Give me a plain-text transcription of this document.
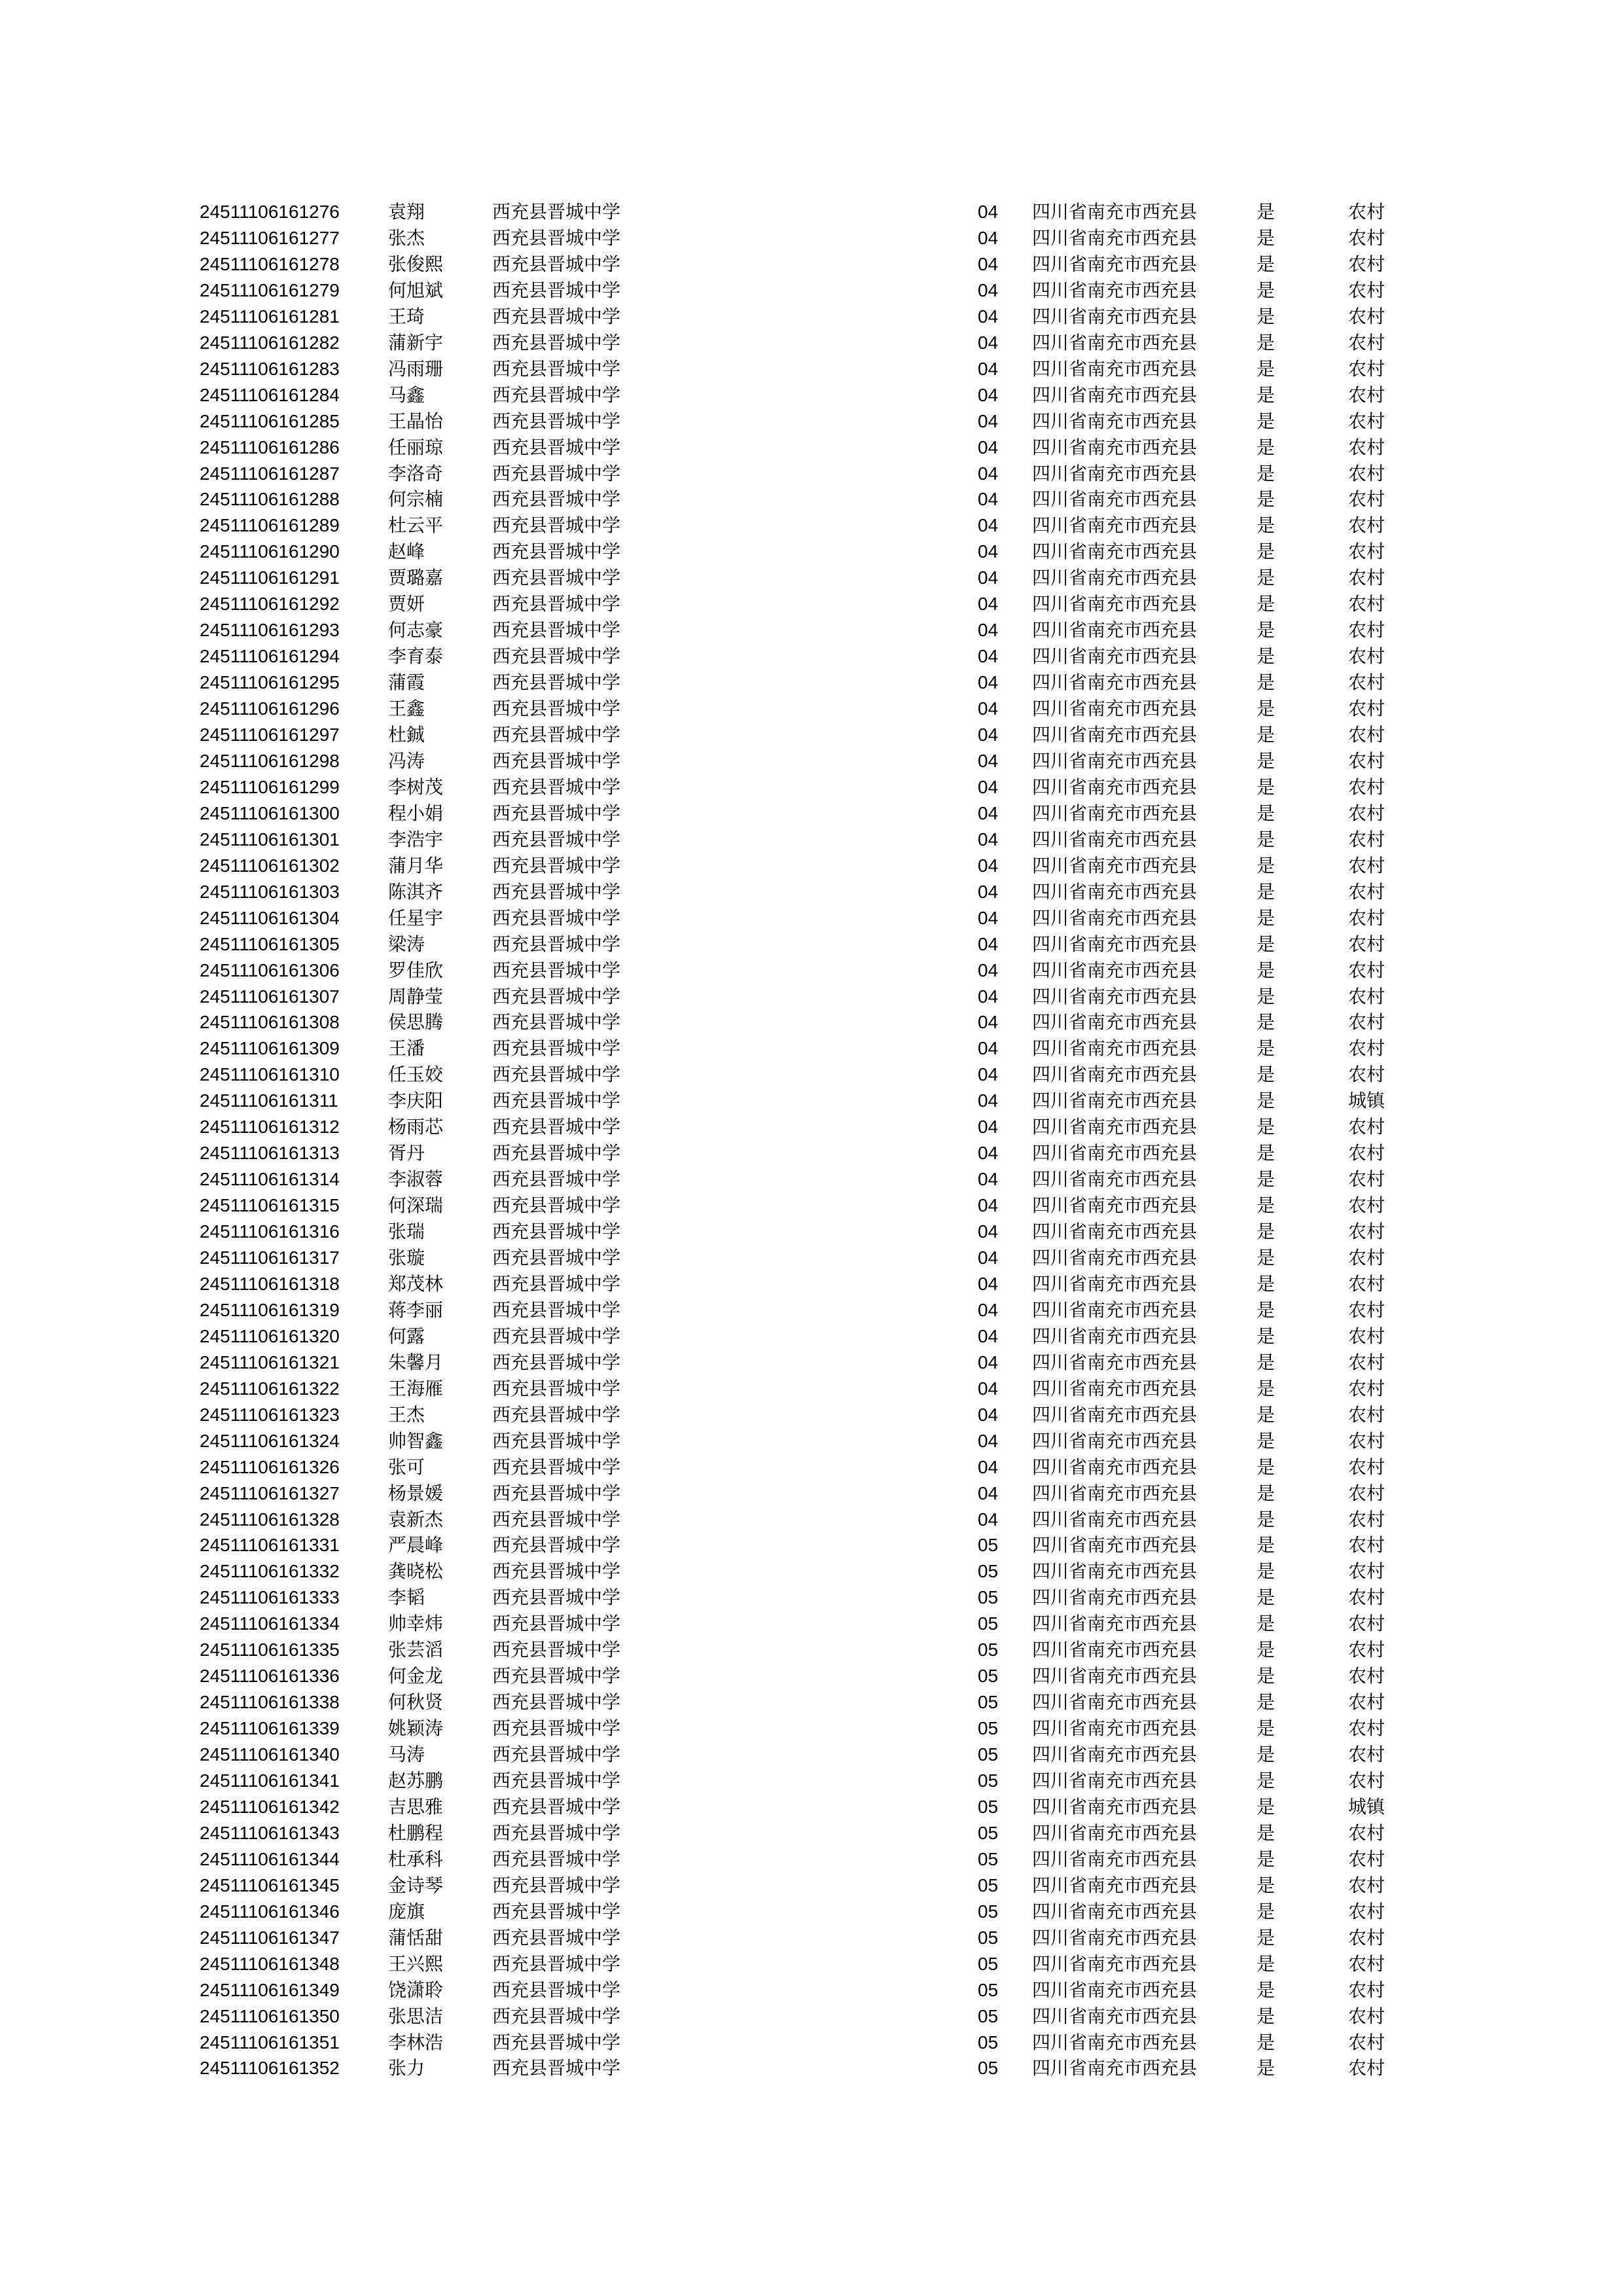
24511106161276	袁翔	西充县晋城中学	04 四川省南充市西充县	是	农村
24511106161277	张杰	西充县晋城中学	04 四川省南充市西充县	是	农村
24511106161278	张俊熙	西充县晋城中学	04 四川省南充市西充县	是	农村
24511106161279	何旭斌	西充县晋城中学	04 四川省南充市西充县	是	农村
24511106161281	王琦	西充县晋城中学	04 四川省南充市西充县	是	农村
24511106161282	蒲新宇	西充县晋城中学	04 四川省南充市西充县	是	农村
24511106161283	冯雨珊	西充县晋城中学	04 四川省南充市西充县	是	农村
24511106161284	马鑫	西充县晋城中学	04 四川省南充市西充县	是	农村
24511106161285	王晶怡	西充县晋城中学	04 四川省南充市西充县	是	农村
24511106161286	任丽琼	西充县晋城中学	04 四川省南充市西充县	是	农村
24511106161287	李洛奇	西充县晋城中学	04 四川省南充市西充县	是	农村
24511106161288	何宗楠	西充县晋城中学	04 四川省南充市西充县	是	农村
24511106161289	杜云平	西充县晋城中学	04 四川省南充市西充县	是	农村
24511106161290	赵峰	西充县晋城中学	04 四川省南充市西充县	是	农村
24511106161291	贾璐嘉	西充县晋城中学	04 四川省南充市西充县	是	农村
24511106161292	贾妍	西充县晋城中学	04 四川省南充市西充县	是	农村
24511106161293	何志豪	西充县晋城中学	04 四川省南充市西充县	是	农村
24511106161294	李育泰	西充县晋城中学	04 四川省南充市西充县	是	农村
24511106161295	蒲霞	西充县晋城中学	04 四川省南充市西充县	是	农村
24511106161296	王鑫	西充县晋城中学	04 四川省南充市西充县	是	农村
24511106161297	杜鋮	西充县晋城中学	04 四川省南充市西充县	是	农村
24511106161298	冯涛	西充县晋城中学	04 四川省南充市西充县	是	农村
24511106161299	李树茂	西充县晋城中学	04 四川省南充市西充县	是	农村
24511106161300	程小娟	西充县晋城中学	04 四川省南充市西充县	是	农村
24511106161301	李浩宇	西充县晋城中学	04 四川省南充市西充县	是	农村
24511106161302	蒲月华	西充县晋城中学	04 四川省南充市西充县	是	农村
24511106161303	陈淇齐	西充县晋城中学	04 四川省南充市西充县	是	农村
24511106161304	任星宇	西充县晋城中学	04 四川省南充市西充县	是	农村
24511106161305	梁涛	西充县晋城中学	04 四川省南充市西充县	是	农村
24511106161306	罗佳欣	西充县晋城中学	04 四川省南充市西充县	是	农村
24511106161307	周静莹	西充县晋城中学	04 四川省南充市西充县	是	农村
24511106161308	侯思腾	西充县晋城中学	04 四川省南充市西充县	是	农村
24511106161309	王潘	西充县晋城中学	04 四川省南充市西充县	是	农村
24511106161310	任玉姣	西充县晋城中学	04 四川省南充市西充县	是	农村
24511106161311	李庆阳	西充县晋城中学	04 四川省南充市西充县	是	城镇
24511106161312	杨雨芯	西充县晋城中学	04 四川省南充市西充县	是	农村
24511106161313	胥丹	西充县晋城中学	04 四川省南充市西充县	是	农村
24511106161314	李淑蓉	西充县晋城中学	04 四川省南充市西充县	是	农村
24511106161315	何深瑞	西充县晋城中学	04 四川省南充市西充县	是	农村
24511106161316	张瑞	西充县晋城中学	04 四川省南充市西充县	是	农村
24511106161317	张璇	西充县晋城中学	04 四川省南充市西充县	是	农村
24511106161318	郑茂林	西充县晋城中学	04 四川省南充市西充县	是	农村
24511106161319	蒋李丽	西充县晋城中学	04 四川省南充市西充县	是	农村
24511106161320	何露	西充县晋城中学	04 四川省南充市西充县	是	农村
24511106161321	朱馨月	西充县晋城中学	04 四川省南充市西充县	是	农村
24511106161322	王海雁	西充县晋城中学	04 四川省南充市西充县	是	农村
24511106161323	王杰	西充县晋城中学	04 四川省南充市西充县	是	农村
24511106161324	帅智鑫	西充县晋城中学	04 四川省南充市西充县	是	农村
24511106161326	张可	西充县晋城中学	04 四川省南充市西充县	是	农村
24511106161327	杨景媛	西充县晋城中学	04 四川省南充市西充县	是	农村
24511106161328	袁新杰	西充县晋城中学	04 四川省南充市西充县	是	农村
24511106161331	严晨峰	西充县晋城中学	05 四川省南充市西充县	是	农村
24511106161332	龚晓松	西充县晋城中学	05 四川省南充市西充县	是	农村
24511106161333	李韬	西充县晋城中学	05 四川省南充市西充县	是	农村
24511106161334	帅幸炜	西充县晋城中学	05 四川省南充市西充县	是	农村
24511106161335	张芸滔	西充县晋城中学	05 四川省南充市西充县	是	农村
24511106161336	何金龙	西充县晋城中学	05 四川省南充市西充县	是	农村
24511106161338	何秋贤	西充县晋城中学	05 四川省南充市西充县	是	农村
24511106161339	姚颖涛	西充县晋城中学	05 四川省南充市西充县	是	农村
24511106161340	马涛	西充县晋城中学	05 四川省南充市西充县	是	农村
24511106161341	赵苏鹏	西充县晋城中学	05 四川省南充市西充县	是	农村
24511106161342	吉思雅	西充县晋城中学	05 四川省南充市西充县	是	城镇
24511106161343	杜鹏程	西充县晋城中学	05 四川省南充市西充县	是	农村
24511106161344	杜承科	西充县晋城中学	05 四川省南充市西充县	是	农村
24511106161345	金诗琴	西充县晋城中学	05 四川省南充市西充县	是	农村
24511106161346	庞旗	西充县晋城中学	05 四川省南充市西充县	是	农村
24511106161347	蒲恬甜	西充县晋城中学	05 四川省南充市西充县	是	农村
24511106161348	王兴熙	西充县晋城中学	05 四川省南充市西充县	是	农村
24511106161349	饶潇聆	西充县晋城中学	05 四川省南充市西充县	是	农村
24511106161350	张思洁	西充县晋城中学	05 四川省南充市西充县	是	农村
24511106161351	李林浩	西充县晋城中学	05 四川省南充市西充县	是	农村
24511106161352	张力	西充县晋城中学	05 四川省南充市西充县	是	农村
